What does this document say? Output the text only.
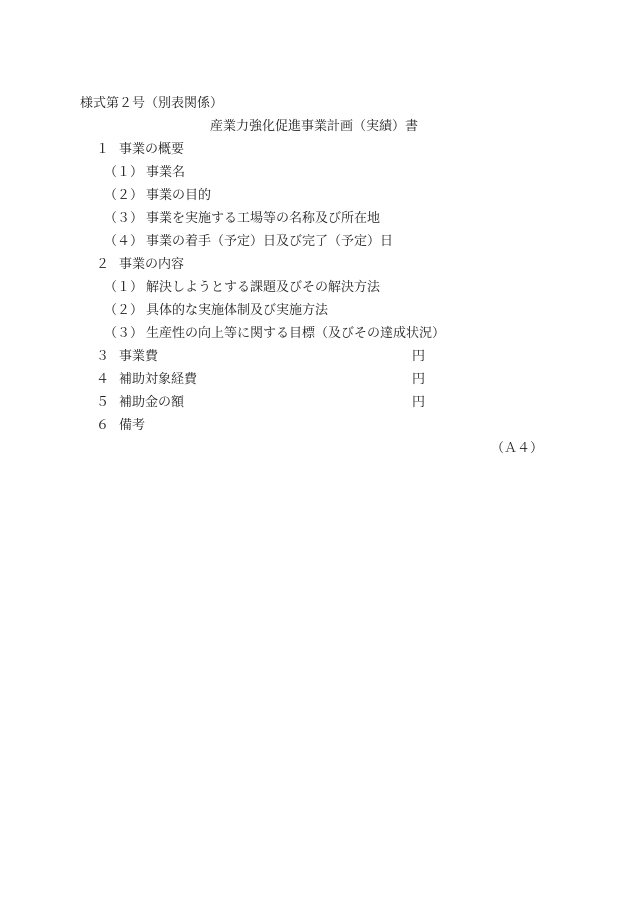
様式第２号（別表関係）
産業力強化促進事業計画（実績）書
１ 事業の概要
（１） 事業名
（２） 事業の目的
（３） 事業を実施する工場等の名称及び所在地
（４） 事業の着手（予定）日及び完了（予定）日
２ 事業の内容
（１） 解決しようとする課題及びその解決方法
（２） 具体的な実施体制及び実施方法
（３） 生産性の向上等に関する目標（及びその達成状況）
３ 事業費	円
４ 補助対象経費	円
５ 補助金の額	円
６ 備考
（Ａ４）
